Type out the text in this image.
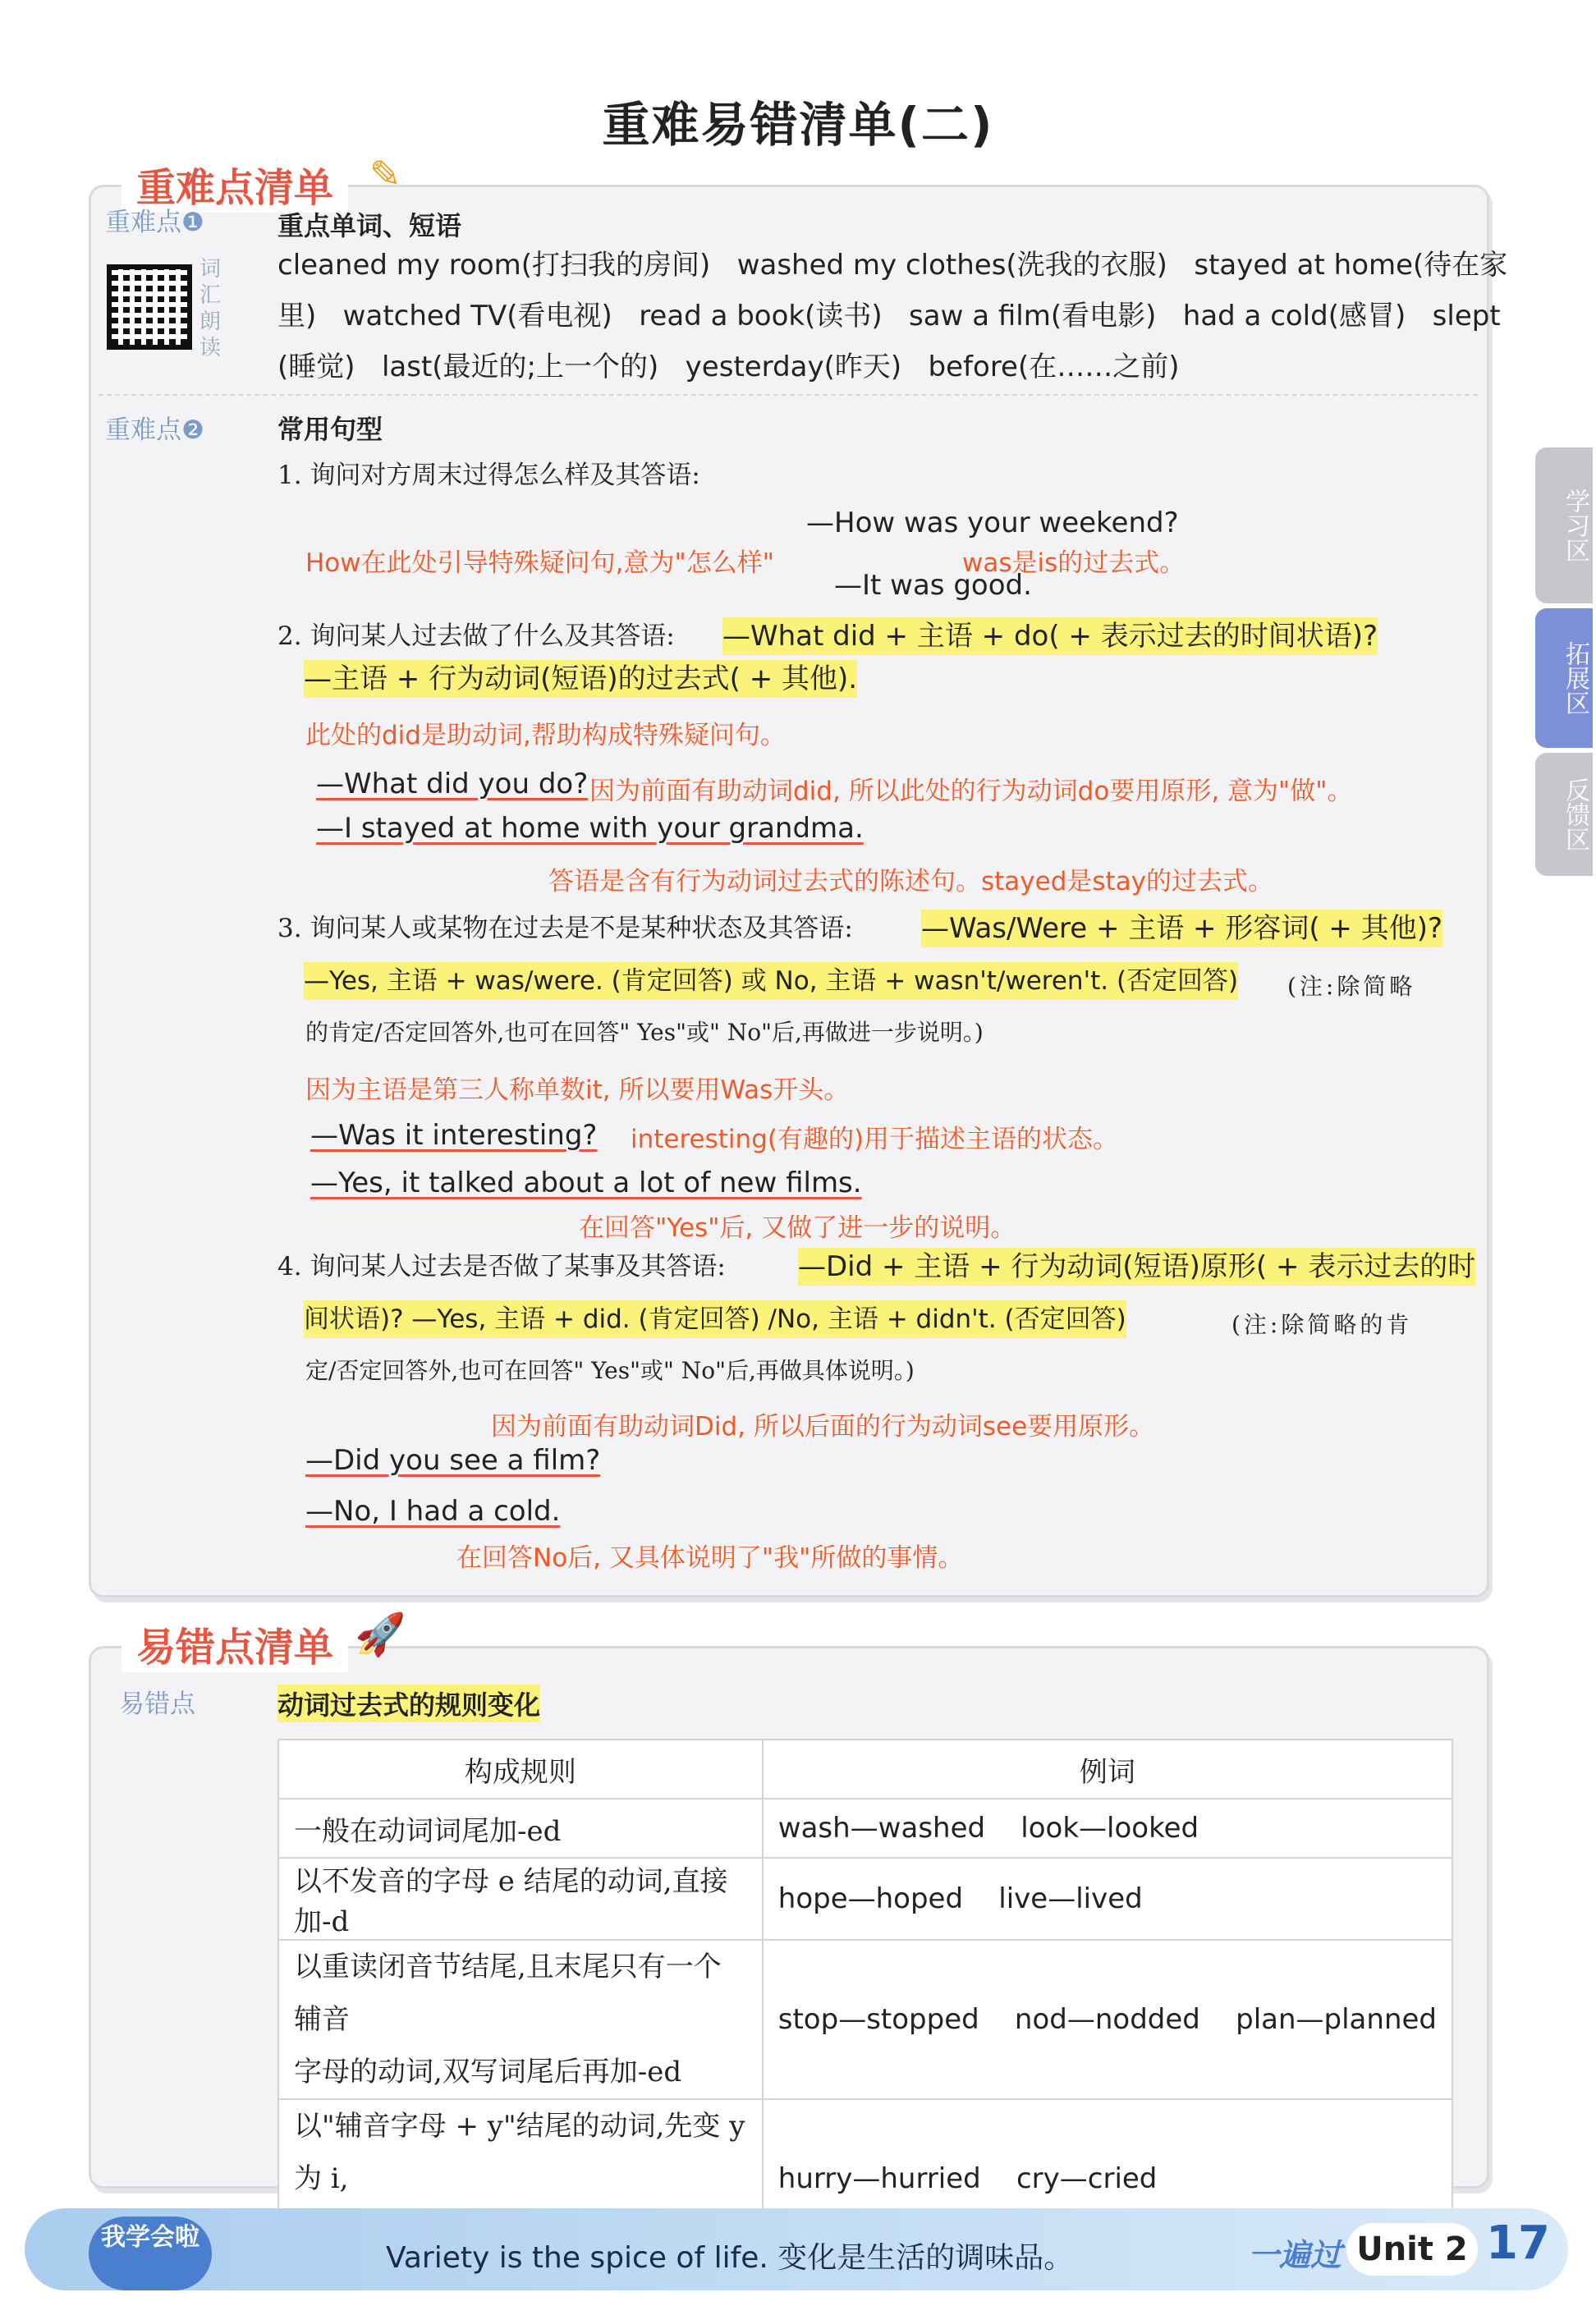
重难易错清单(二)
学习区
拓展区
反馈区
重难点清单 ✎
重难点❶
词汇朗读
重点单词、短语
cleaned my room(打扫我的房间)   washed my clothes(洗我的衣服)   stayed at home(待在家
里)   watched TV(看电视)   read a book(读书)   saw a film(看电影)   had a cold(感冒)   slept
(睡觉)   last(最近的;上一个的)   yesterday(昨天)   before(在……之前)
重难点❷	常用句型
1. 询问对方周末过得怎么样及其答语:
—How was your weekend?
How在此处引导特殊疑问句,意为"怎么样"	was是is的过去式。
—It was good.
2. 询问某人过去做了什么及其答语: —What did + 主语 + do( + 表示过去的时间状语)?
—主语 + 行为动词(短语)的过去式( + 其他).
此处的did是助动词,帮助构成特殊疑问句。
—What did you do? 因为前面有助动词did, 所以此处的行为动词do要用原形, 意为"做"。
—I stayed at home with your grandma.
答语是含有行为动词过去式的陈述句。stayed是stay的过去式。
3. 询问某人或某物在过去是不是某种状态及其答语: —Was/Were + 主语 + 形容词( + 其他)?
—Yes, 主语 + was/were. (肯定回答) 或 No, 主语 + wasn't/weren't. (否定回答) (注:除简略
的肯定/否定回答外,也可在回答" Yes"或" No"后,再做进一步说明。)
因为主语是第三人称单数it, 所以要用Was开头。
—Was it interesting? interesting(有趣的)用于描述主语的状态。
—Yes, it talked about a lot of new films.
在回答"Yes"后, 又做了进一步的说明。
4. 询问某人过去是否做了某事及其答语:	—Did + 主语 + 行为动词(短语)原形( + 表示过去的时
间状语)? —Yes, 主语 + did. (肯定回答) /No, 主语 + didn't. (否定回答)	(注:除简略的肯
定/否定回答外,也可在回答" Yes"或" No"后,再做具体说明。)
因为前面有助动词Did, 所以后面的行为动词see要用原形。
—Did you see a film?
—No, I had a cold.
在回答No后, 又具体说明了"我"所做的事情。
易错点清单 🚀
易错点	动词过去式的规则变化
构成规则	例词
一般在动词词尾加-ed	wash—washed    look—looked
以不发音的字母 e 结尾的动词,直接加-d	hope—hoped    live—lived
以重读闭音节结尾,且末尾只有一个辅音
字母的动词,双写词尾后再加-ed	stop—stopped    nod—nodded    plan—planned
以"辅音字母 + y"结尾的动词,先变 y 为 i,	hurry—hurried    cry—cried
我学会啦
Variety is the spice of life. 变化是生活的调味品。	一遍过 Unit 2 17
